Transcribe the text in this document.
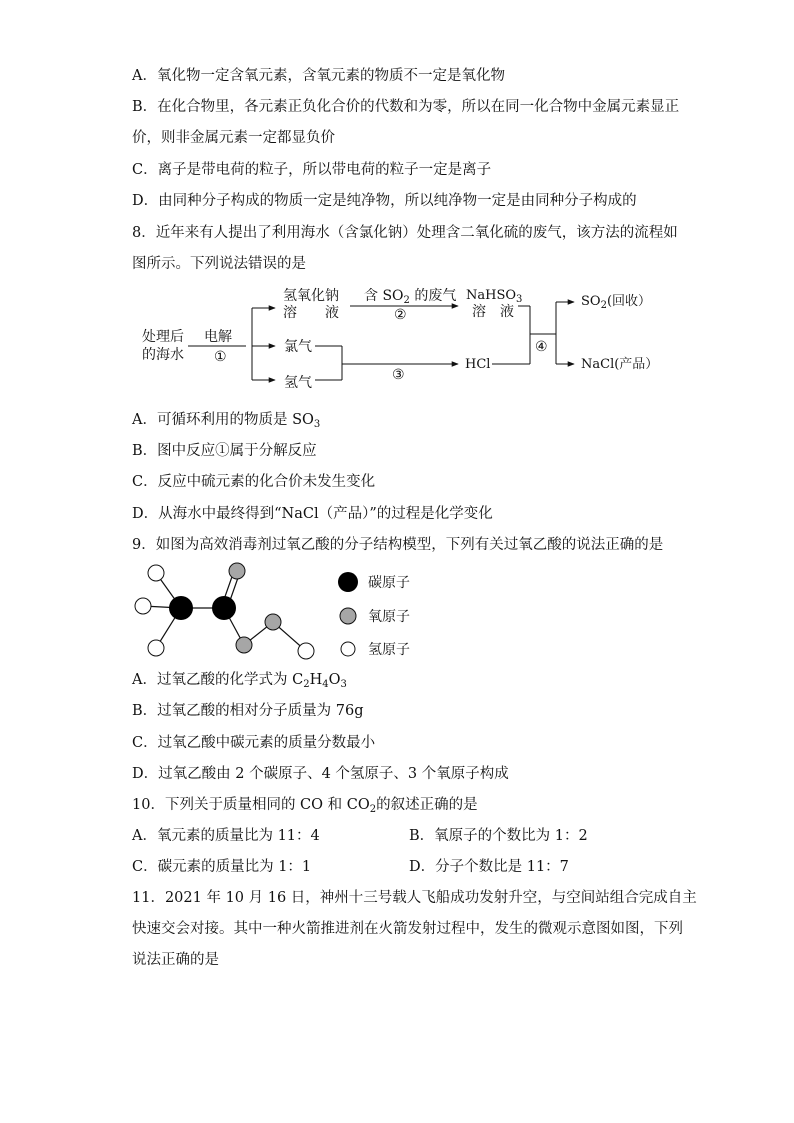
A．氧化物一定含氧元素，含氧元素的物质不一定是氧化物
B．在化合物里，各元素正负化合价的代数和为零，所以在同一化合物中金属元素显正
价，则非金属元素一定都显负价
C．离子是带电荷的粒子，所以带电荷的粒子一定是离子
D．由同种分子构成的物质一定是纯净物，所以纯净物一定是由同种分子构成的
8．近年来有人提出了利用海水（含氯化钠）处理含二氧化硫的废气，该方法的流程如
图所示。下列说法错误的是
处理后
的海水
电解
①
氢氧化钠
溶　　液
含 $SO_2$ 的废气
②
NaHSO$_3$
溶　液
氯气
氢气	③
HCl
④
$SO_2$(回收）
NaCl(产品）
A．可循环利用的物质是 $SO_3$
B．图中反应①属于分解反应
C．反应中硫元素的化合价未发生变化
D．从海水中最终得到“NaCl（产品）”的过程是化学变化
9．如图为高效消毒剂过氧乙酸的分子结构模型，下列有关过氧乙酸的说法正确的是
碳原子
氧原子
氢原子
A．过氧乙酸的化学式为 $C_2H_4O_3$
B．过氧乙酸的相对分子质量为 76g
C．过氧乙酸中碳元素的质量分数最小
D．过氧乙酸由 2 个碳原子、4 个氢原子、3 个氧原子构成
10．下列关于质量相同的 CO 和 $CO_2$的叙述正确的是
A．氧元素的质量比为 11：4	B．氧原子的个数比为 1：2
C．碳元素的质量比为 1：1	D．分子个数比是 11：7
11．2021 年 10 月 16 日，神州十三号载人飞船成功发射升空，与空间站组合完成自主
快速交会对接。其中一种火箭推进剂在火箭发射过程中，发生的微观示意图如图，下列
说法正确的是
